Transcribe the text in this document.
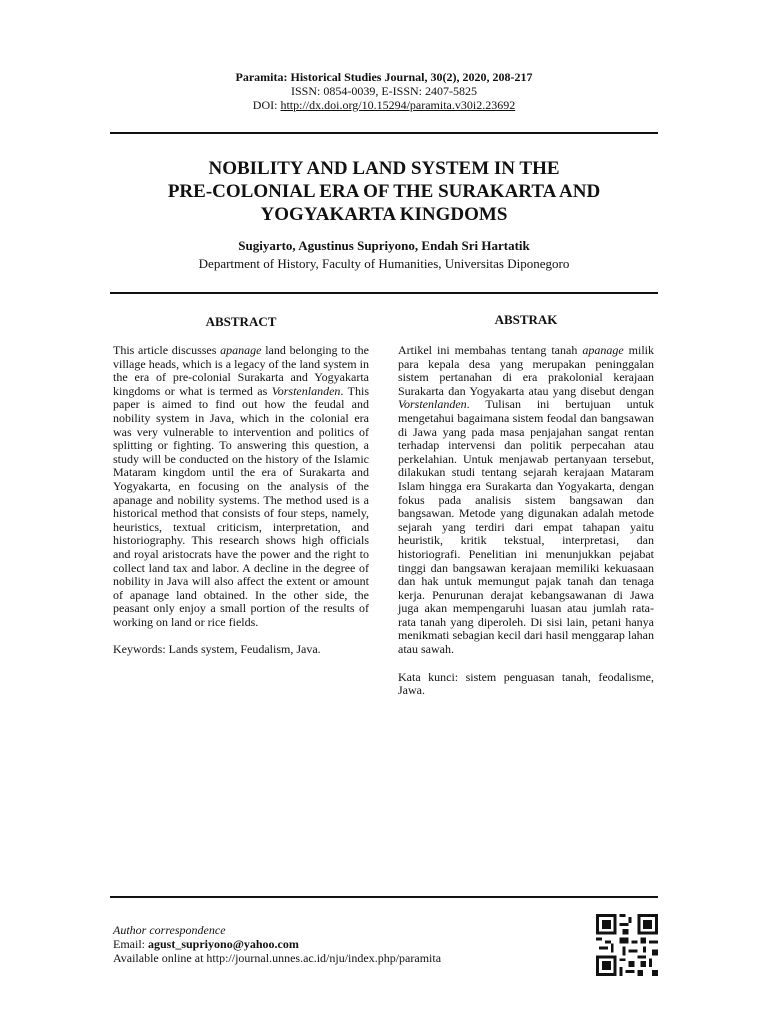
Paramita: Historical Studies Journal, 30(2), 2020, 208-217
ISSN: 0854-0039, E-ISSN: 2407-5825
DOI: http://dx.doi.org/10.15294/paramita.v30i2.23692
NOBILITY AND LAND SYSTEM IN THE
PRE-COLONIAL ERA OF THE SURAKARTA AND
YOGYAKARTA KINGDOMS
Sugiyarto, Agustinus Supriyono, Endah Sri Hartatik
Department of History, Faculty of Humanities, Universitas Diponegoro
ABSTRACT	ABSTRAK

This article discusses apanage land belonging to the village heads, which is a legacy of the land system in the era of pre-colonial Surakarta and Yogyakarta kingdoms or what is termed as Vorstenlanden. This paper is aimed to find out how the feudal and nobility system in Java, which in the colonial era was very vulnerable to intervention and politics of splitting or fighting. To answering this question, a study will be conducted on the history of the Islamic Mataram kingdom until the era of Surakarta and Yogyakarta, en focusing on the analysis of the apanage and nobility systems. The method used is a historical method that consists of four steps, namely, heuristics, textual criticism, interpretation, and historiography. This research shows high officials and royal aristocrats have the power and the right to collect land tax and labor. A decline in the degree of nobility in Java will also affect the extent or amount of apanage land obtained. In the other side, the peasant only enjoy a small portion of the results of working on land or rice fields.

Keywords: Lands system, Feudalism, Java.

Artikel ini membahas tentang tanah apanage milik para kepala desa yang merupakan peninggalan sistem pertanahan di era prakolonial kerajaan Surakarta dan Yogyakarta atau yang disebut dengan Vorstenlanden. Tulisan ini bertujuan untuk mengetahui bagaimana sistem feodal dan bangsawan di Jawa yang pada masa penjajahan sangat rentan terhadap intervensi dan politik perpecahan atau perkelahian. Untuk menjawab pertanyaan tersebut, dilakukan studi tentang sejarah kerajaan Mataram Islam hingga era Surakarta dan Yogyakarta, dengan fokus pada analisis sistem bangsawan dan bangsawan. Metode yang digunakan adalah metode sejarah yang terdiri dari empat tahapan yaitu heuristik, kritik tekstual, interpretasi, dan historiografi. Penelitian ini menunjukkan pejabat tinggi dan bangsawan kerajaan memiliki kekuasaan dan hak untuk memungut pajak tanah dan tenaga kerja. Penurunan derajat kebangsawanan di Jawa juga akan mempengaruhi luasan atau jumlah rata-rata tanah yang diperoleh. Di sisi lain, petani hanya menikmati sebagian kecil dari hasil menggarap lahan atau sawah.

Kata kunci: sistem penguasan tanah, feodalisme, Jawa.

Author correspondence
Email: agust_supriyono@yahoo.com
Available online at http://journal.unnes.ac.id/nju/index.php/paramita
